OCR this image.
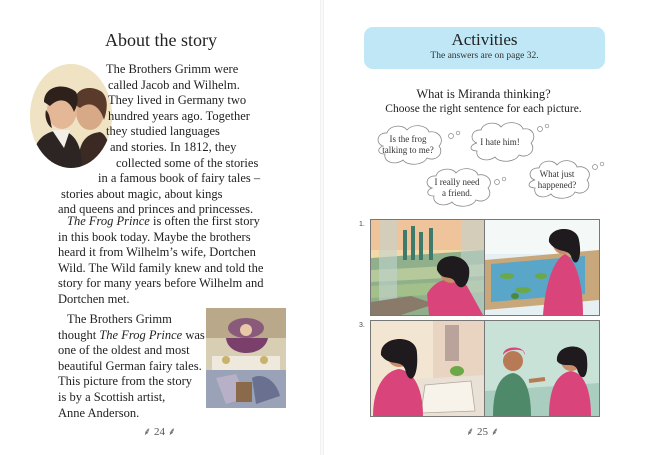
About the story
The Brothers Grimm were
called Jacob and Wilhelm.
They lived in Germany two
hundred years ago. Together
they studied languages
and stories. In 1812, they
collected some of the stories
in a famous book of fairy tales –
stories about magic, about kings
and queens and princes and princesses.
The Frog Prince is often the first story
in this book today. Maybe the brothers
heard it from Wilhelm’s wife, Dortchen
Wild. The Wild family knew and told the
story for many years before Wilhelm and
Dortchen met.
The Brothers Grimm
thought The Frog Prince was
one of the oldest and most
beautiful German fairy tales.
This picture from the story
is by a Scottish artist,
Anne Anderson.
⸙ 24 ⸙
Activities
The answers are on page 32.
What is Miranda thinking?
Choose the right sentence for each picture.
Is the frog
talking to me?
I hate him!
I really need
a friend.
What just
happened?
1.
3.
⸙ 25 ⸙
